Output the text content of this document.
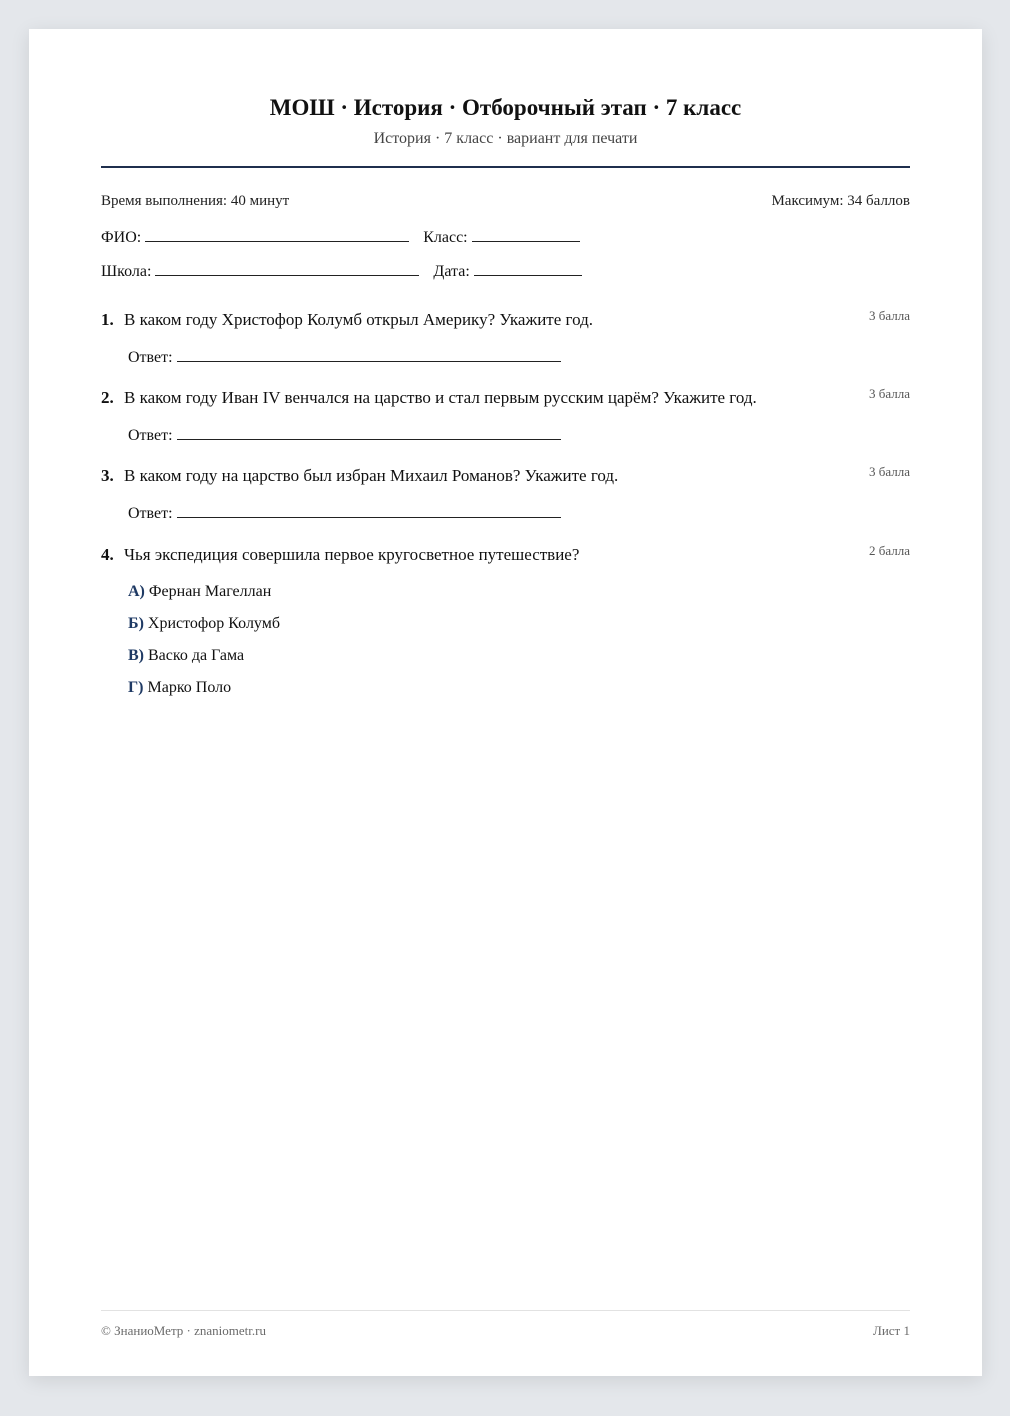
МОШ · История · Отборочный этап · 7 класс
История · 7 класс · вариант для печати
Время выполнения: 40 минут	Максимум: 34 баллов
ФИО:	Класс:
Школа:	Дата:
1. В каком году Христофор Колумб открыл Америку? Укажите год.	3 балла
Ответ:
2. В каком году Иван IV венчался на царство и стал первым русским царём? Укажите год.	3 балла
Ответ:
3. В каком году на царство был избран Михаил Романов? Укажите год.	3 балла
Ответ:
4. Чья экспедиция совершила первое кругосветное путешествие?	2 балла
А) Фернан Магеллан
Б) Христофор Колумб
В) Васко да Гама
Г) Марко Поло
© ЗнаниоМетр · znaniometr.ru	Лист 1
